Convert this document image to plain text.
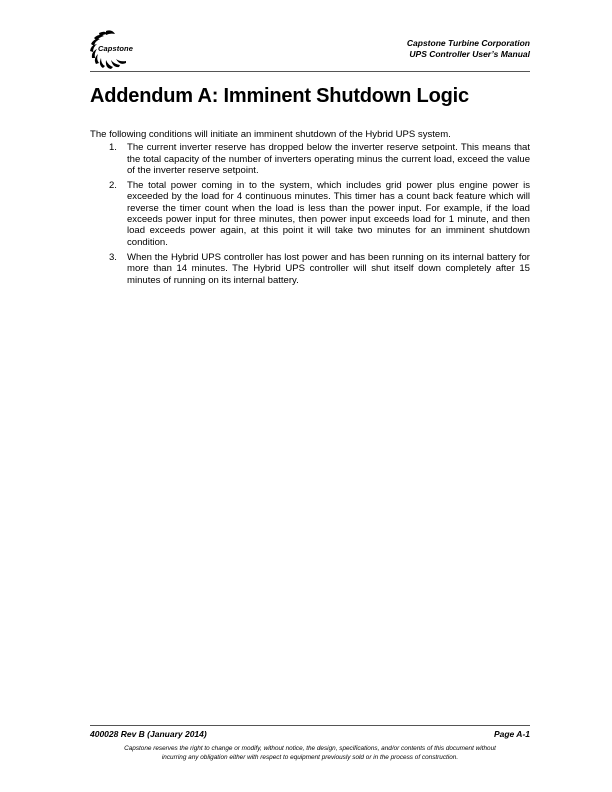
Capstone
Capstone Turbine Corporation
UPS Controller User’s Manual
Addendum A: Imminent Shutdown Logic

The following conditions will initiate an imminent shutdown of the Hybrid UPS system.

1. The current inverter reserve has dropped below the inverter reserve setpoint. This means that the total capacity of the number of inverters operating minus the current load, exceed the value of the inverter reserve setpoint.
2. The total power coming in to the system, which includes grid power plus engine power is exceeded by the load for 4 continuous minutes. This timer has a count back feature which will reverse the timer count when the load is less than the power input. For example, if the load exceeds power input for three minutes, then power input exceeds load for 1 minute, and then load exceeds power again, at this point it will take two minutes for an imminent shutdown condition.
3. When the Hybrid UPS controller has lost power and has been running on its internal battery for more than 14 minutes. The Hybrid UPS controller will shut itself down completely after 15 minutes of running on its internal battery.
400028 Rev B (January 2014)	Page A-1
Capstone reserves the right to change or modify, without notice, the design, specifications, and/or contents of this document without
incurring any obligation either with respect to equipment previously sold or in the process of construction.
